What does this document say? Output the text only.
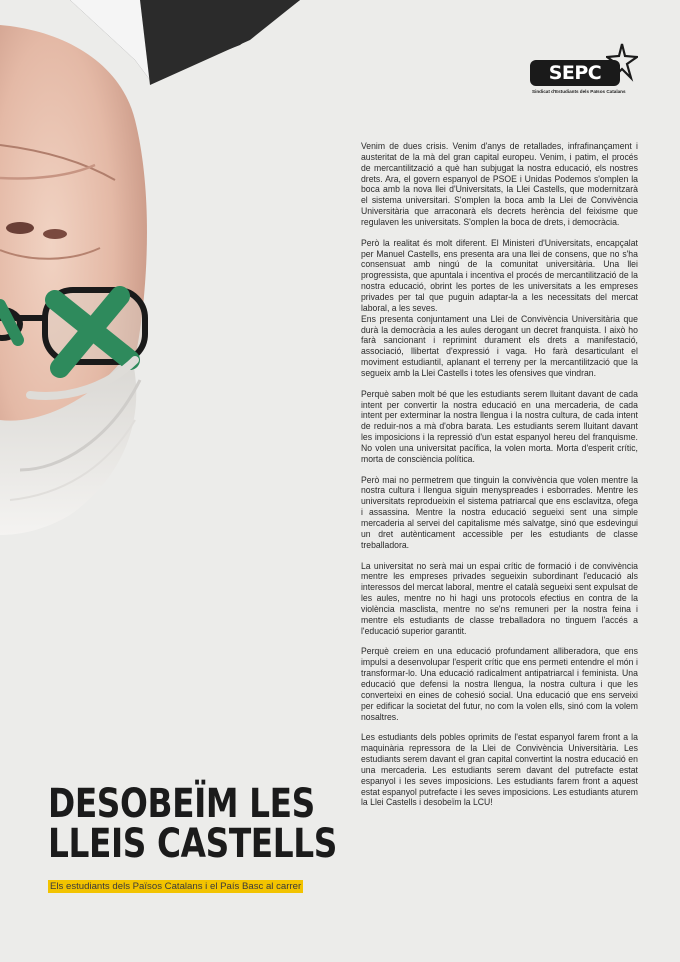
SEPC
Sindicat d'Estudiants dels Països Catalans

Venim de dues crisis. Venim d'anys de retallades, infrafinançament i austeritat de la mà del gran capital europeu. Venim, i patim, el procés de mercantilització a què han subjugat la nostra educació, els nostres drets. Ara, el govern espanyol de PSOE i Unidas Podemos s'omplen la boca amb la nova llei d'Universitats, la Llei Castells, que modernitzarà el sistema universitari. S'omplen la boca amb la Llei de Convivència Universitària que arraconarà els decrets herència del feixisme que regulaven les universitats. S'omplen la boca de drets, i democràcia.

Però la realitat és molt diferent. El Ministeri d'Universitats, encapçalat per Manuel Castells, ens presenta ara una llei de consens, que no s'ha consensuat amb ningú de la comunitat universitària. Una llei progressista, que apuntala i incentiva el procés de mercantilització de la nostra educació, obrint les portes de les universitats a les empreses privades per tal que puguin adaptar-la a les necessitats del mercat laboral, a les seves.

Ens presenta conjuntament una Llei de Convivència Universitària que durà la democràcia a les aules derogant un decret franquista. I això ho farà sancionant i reprimint durament els drets a manifestació, associació, llibertat d'expressió i vaga. Ho farà desarticulant el moviment estudiantil, aplanant el terreny per la mercantilització que la segueix amb la Llei Castells i totes les ofensives que vindran.

Perquè saben molt bé que les estudiants serem lluitant davant de cada intent per convertir la nostra educació en una mercaderia, de cada intent per exterminar la nostra llengua i la nostra cultura, de cada intent de reduir-nos a mà d'obra barata. Les estudiants serem lluitant davant les imposicions i la repressió d'un estat espanyol hereu del franquisme. No volen una universitat pacífica, la volen morta. Morta d'esperit crític, morta de consciència política.

Però mai no permetrem que tinguin la convivència que volen mentre la nostra cultura i llengua siguin menyspreades i esborrades. Mentre les universitats reprodueixin el sistema patriarcal que ens esclavitza, ofega i assassina. Mentre la nostra educació segueixi sent una simple mercaderia al servei del capitalisme més salvatge, sinó que esdevingui un dret autènticament accessible per les estudiants de classe treballadora.

La universitat no serà mai un espai crític de formació i de convivència mentre les empreses privades segueixin subordinant l'educació als interessos del mercat laboral, mentre el català segueixi sent expulsat de les aules, mentre no hi hagi uns protocols efectius en contra de la violència masclista, mentre no se'ns remuneri per la nostra feina i mentre els estudiants de classe treballadora no tinguem l'accés a l'educació superior garantit.

Perquè creiem en una educació profundament alliberadora, que ens impulsi a desenvolupar l'esperit crític que ens permeti entendre el món i transformar-lo. Una educació radicalment antipatriarcal i feminista. Una educació que defensi la nostra llengua, la nostra cultura i que les converteixi en eines de cohesió social. Una educació que ens serveixi per edificar la societat del futur, no com la volen ells, sinó com la volem nosaltres.

Les estudiants dels pobles oprimits de l'estat espanyol farem front a la maquinària repressora de la Llei de Convivència Universitària. Les estudiants serem davant el gran capital convertint la nostra educació en una mercaderia. Les estudiants serem davant del putrefacte estat espanyol i les seves imposicions. Les estudiants farem front a aquest estat espanyol putrefacte i les seves imposicions. Les estudiants aturem la Llei Castells i desobeïm la LCU!

DESOBEÏM LES
LLEIS CASTELLS
Els estudiants dels Països Catalans i el País Basc al carrer
